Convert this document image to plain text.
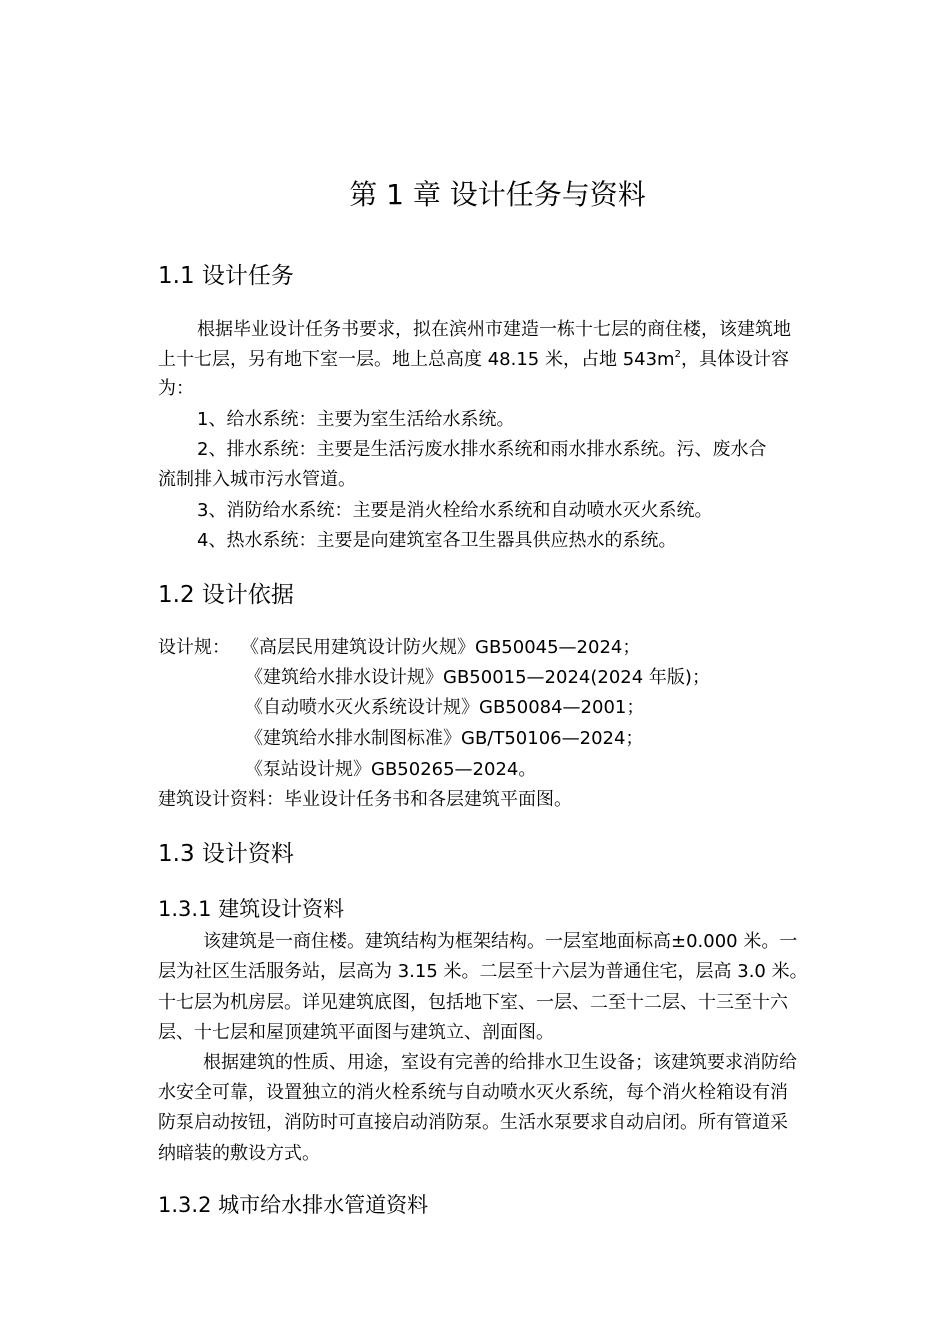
第 1 章 设计任务与资料
1.1 设计任务
根据毕业设计任务书要求，拟在滨州市建造一栋十七层的商住楼，该建筑地
上十七层，另有地下室一层。地上总高度 48.15 米，占地 $543m^2$，具体设计容
为：
1、给水系统：主要为室生活给水系统。
2、排水系统：主要是生活污废水排水系统和雨水排水系统。污、废水合
流制排入城市污水管道。
3、消防给水系统：主要是消火栓给水系统和自动喷水灭火系统。
4、热水系统：主要是向建筑室各卫生器具供应热水的系统。
1.2 设计依据
设计规： 《高层民用建筑设计防火规》GB50045—2024；
《建筑给水排水设计规》GB50015—2024(2024 年版)；
《自动喷水灭火系统设计规》GB50084—2001；
《建筑给水排水制图标准》GB/T50106—2024；
《泵站设计规》GB50265—2024。
建筑设计资料：毕业设计任务书和各层建筑平面图。
1.3 设计资料
1.3.1 建筑设计资料
该建筑是一商住楼。建筑结构为框架结构。一层室地面标高±0.000 米。一
层为社区生活服务站，层高为 3.15 米。二层至十六层为普通住宅，层高 3.0 米。
十七层为机房层。详见建筑底图，包括地下室、一层、二至十二层、十三至十六
层、十七层和屋顶建筑平面图与建筑立、剖面图。
根据建筑的性质、用途，室设有完善的给排水卫生设备；该建筑要求消防给
水安全可靠，设置独立的消火栓系统与自动喷水灭火系统，每个消火栓箱设有消
防泵启动按钮，消防时可直接启动消防泵。生活水泵要求自动启闭。所有管道采
纳暗装的敷设方式。
1.3.2 城市给水排水管道资料
